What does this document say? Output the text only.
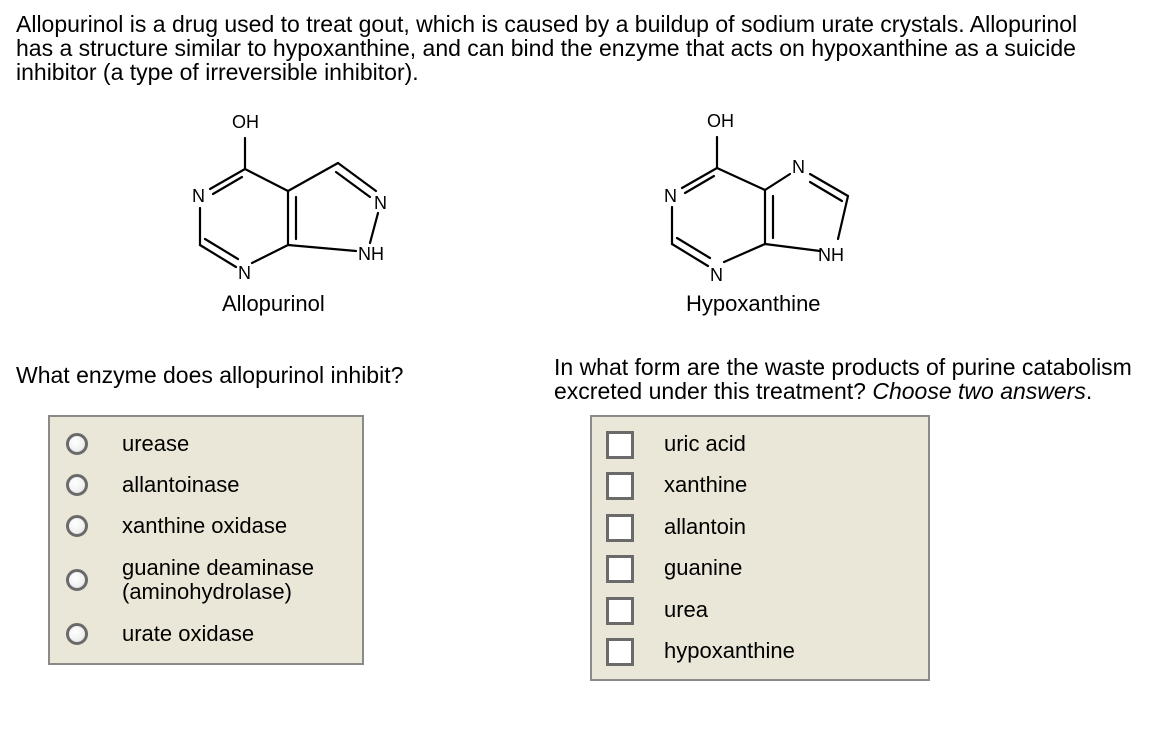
Allopurinol is a drug used to treat gout, which is caused by a buildup of sodium urate crystals. Allopurinol
has a structure similar to hypoxanthine, and can bind the enzyme that acts on hypoxanthine as a suicide
inhibitor (a type of irreversible inhibitor).

OH
N
N
N
NH
Allopurinol
OH
N
N
N
NH
Hypoxanthine

What enzyme does allopurinol inhibit?

urease
allantoinase
xanthine oxidase
guanine deaminase
(aminohydrolase)
urate oxidase

In what form are the waste products of purine catabolism
excreted under this treatment? Choose two answers.

uric acid
xanthine
allantoin
guanine
urea
hypoxanthine
